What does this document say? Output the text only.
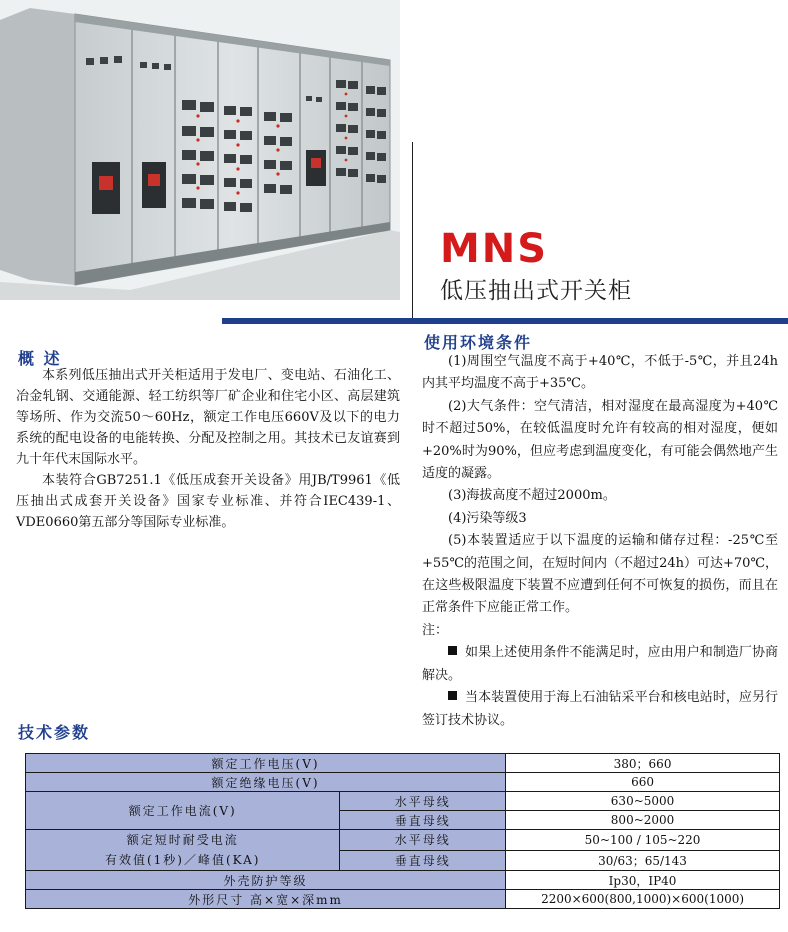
MNS
低压抽出式开关柜
概 述

本系列低压抽出式开关柜适用于发电厂、变电站、石油化工、冶金轧钢、交通能源、轻工纺织等厂矿企业和住宅小区、高层建筑等场所、作为交流50～60Hz，额定工作电压660V及以下的电力系统的配电设备的电能转换、分配及控制之用。其技术已友谊赛到九十年代末国际水平。

本装符合GB7251.1《低压成套开关设备》用JB/T9961《低压抽出式成套开关设备》国家专业标准、并符合IEC439-1、VDE0660第五部分等国际专业标准。

使用环境条件

(1)周围空气温度不高于+40℃，不低于-5℃，并且24h内其平均温度不高于+35℃。

(2)大气条件：空气清洁，相对湿度在最高湿度为+40℃时不超过50%，在较低温度时允许有较高的相对湿度，便如+20%时为90%，但应考虑到温度变化，有可能会偶然地产生适度的凝露。

(3)海拔高度不超过2000m。

(4)污染等级3

(5)本装置适应于以下温度的运输和储存过程：-25℃至+55℃的范围之间，在短时间内（不超过24h）可达+70℃，在这些极限温度下装置不应遭到任何不可恢复的损伤，而且在正常条件下应能正常工作。

注：

如果上述使用条件不能满足时，应由用户和制造厂协商解决。

当本装置使用于海上石油钻采平台和核电站时，应另行签订技术协议。

技术参数
额定工作电压(V)		380；660
额定绝缘电压(V)		660
额定工作电流(V)	水平母线	630~5000
	垂直母线	800~2000

额定短时耐受电流
有效值(1秒)／峰值(KA)	水平母线	50~100 / 105~220
	垂直母线	30/63；65/143
外壳防护等级		Ip30，IP40
外形尺寸 高×宽×深mm		2200×600(800,1000)×600(1000)
